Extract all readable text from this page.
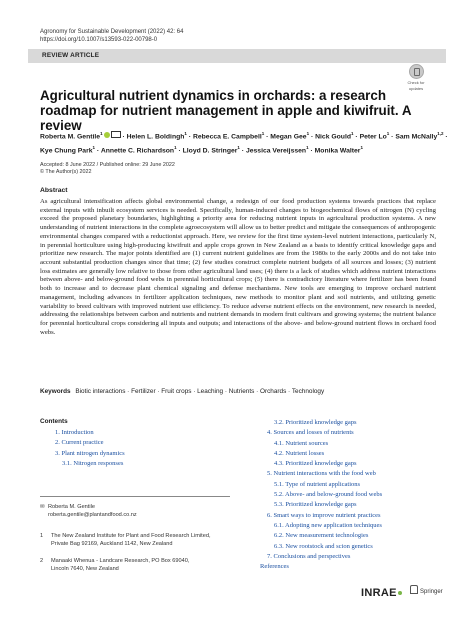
Agronomy for Sustainable Development (2022) 42: 64
https://doi.org/10.1007/s13593-022-00798-0
REVIEW ARTICLE
Check for
updates
Agricultural nutrient dynamics in orchards: a research roadmap for nutrient management in apple and kiwifruit. A review
Roberta M. Gentile$^1$	· Helen L. Boldingh$^1$ · Rebecca E. Campbell$^1$ · Megan Gee$^1$ · Nick Gould$^1$ · Peter $Lo^1$ · Sam McNally$^{1,2}$ · Kye Chung Park$^1$ · Annette C. Richardson$^1$ · Lloyd D. Stringer$^1$ · Jessica Vereijssen$^1$ · Monika Walter$^1$
Accepted: 8 June 2022 / Published online: 29 June 2022
© The Author(s) 2022
Abstract
As agricultural intensification affects global environmental change, a redesign of our food production systems towards practices that replace external inputs with inbuilt ecosystem services is needed. Specifically, human-induced changes to biogeochemical flows of nitrogen (N) cycling exceed the proposed planetary boundaries, highlighting a priority area for reducing nutrient inputs in agricultural production systems. A new understanding of nutrient interactions in the complete agroecosystem will allow us to better predict and mitigate the consequences of anthropogenic environmental changes compared with a reductionist approach. Here, we review for the first time system-level nutrient interactions, particularly N, in perennial horticulture using high-producing kiwifruit and apple crops grown in New Zealand as a basis to identify critical knowledge gaps and prioritize new research. The major points identified are (1) current nutrient guidelines are from the 1980s to the early 2000s and do not take into account substantial production changes since that time; (2) few studies construct complete nutrient budgets of all sources and losses; (3) nutrient loss estimates are generally low relative to those from other agricultural land uses; (4) there is a lack of studies which address nutrient interactions between above- and below-ground food webs in perennial horticultural crops; (5) there is contradictory literature where fertilizer has been found both to increase and to decrease plant chemical signaling and defense mechanisms. New tools are emerging to improve orchard nutrient management, including advances in fertilizer application techniques, new methods to monitor plant and soil nutrients, and utilizing genetic variability to breed cultivars with improved nutrient use efficiency. To reduce adverse nutrient effects on the environment, new research is needed, addressing the relationships between carbon and nutrients and nutrient demands in modern fruit cultivars and growing systems; the nutrient balance for perennial horticultural crops considering all inputs and outputs; and interactions of the above- and below-ground nutrient flows in orchard food webs.
Keywords Biotic interactions · Fertilizer · Fruit crops · Leaching · Nutrients · Orchards · Technology
Contents
1. Introduction
2. Current practice
3. Plant nitrogen dynamics
3.1. Nitrogen responses
3.2. Prioritized knowledge gaps
4. Sources and losses of nutrients
4.1. Nutrient sources
4.2. Nutrient losses
4.3. Prioritized knowledge gaps
5. Nutrient interactions with the food web
5.1. Type of nutrient applications
5.2. Above- and below-ground food webs
5.3. Prioritized knowledge gaps
6. Smart ways to improve nutrient practices
6.1. Adopting new application techniques
6.2. New measurement technologies
6.3. New rootstock and scion genetics
7. Conclusions and perspectives
References
✉ Roberta M. Gentile
roberta.gentile@plantandfood.co.nz
1 The New Zealand Institute for Plant and Food Research Limited,
Private Bag 92169, Auckland 1142, New Zealand
2 Manaaki Whenua - Landcare Research, PO Box 69040,
Lincoln 7640, New Zealand
INRAE	Springer
